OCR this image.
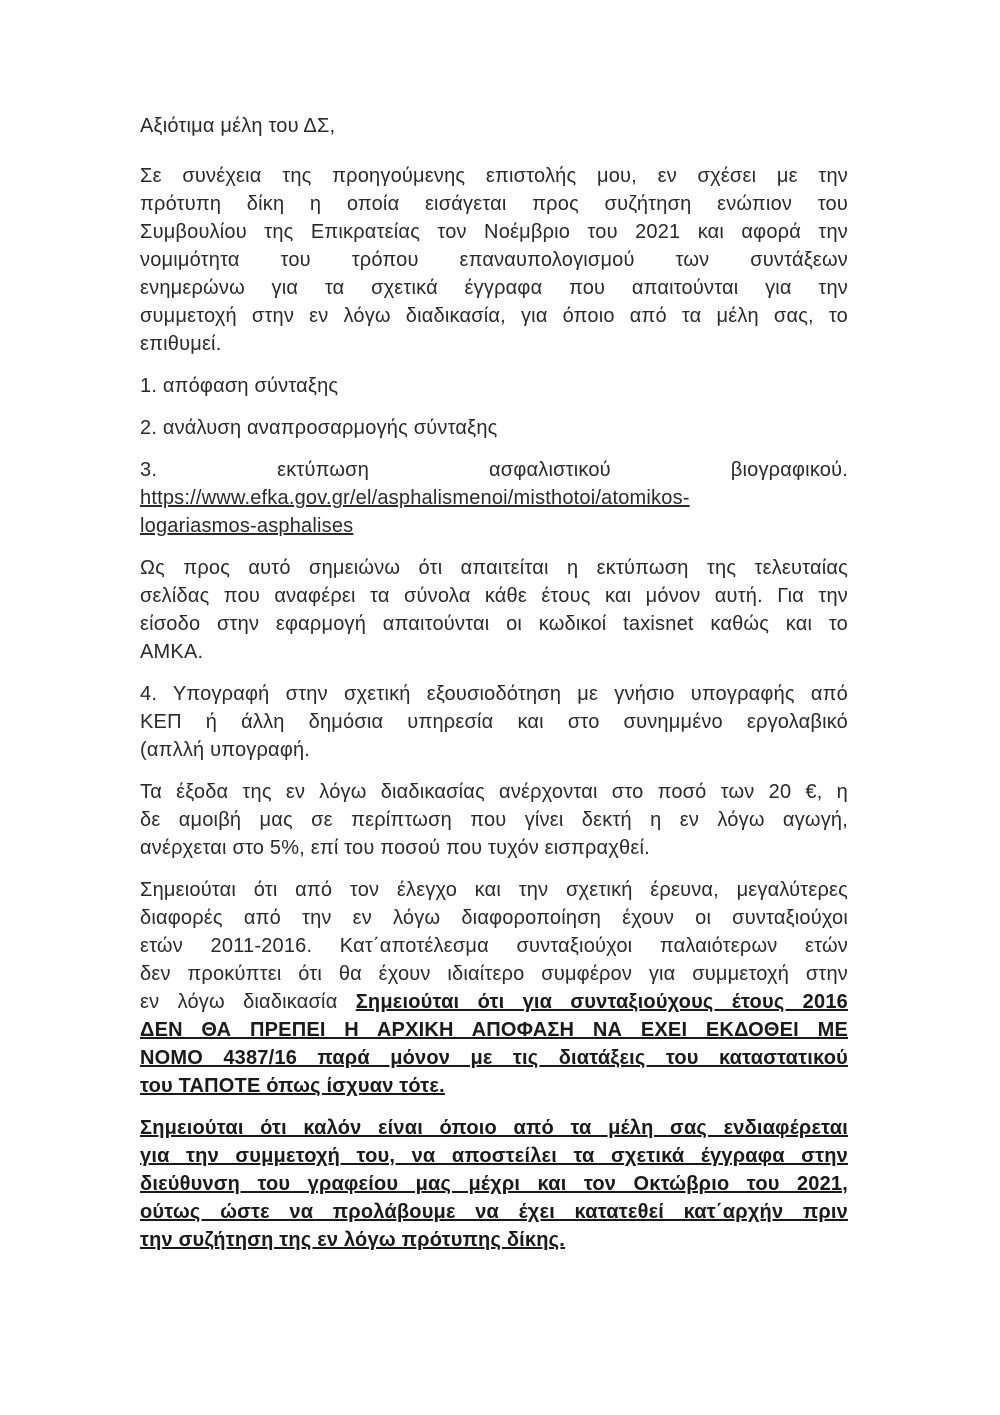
Αξιότιμα μέλη του ΔΣ,

Σε συνέχεια της προηγούμενης επιστολής μου, εν σχέσει με την
πρότυπη δίκη η οποία εισάγεται προς συζήτηση ενώπιον του
Συμβουλίου της Επικρατείας τον Νοέμβριο του 2021 και αφορά την
νομιμότητα του τρόπου επαναυπολογισμού των συντάξεων
ενημερώνω για τα σχετικά έγγραφα που απαιτούνται για την
συμμετοχή στην εν λόγω διαδικασία, για όποιο από τα μέλη σας, το
επιθυμεί.

1. απόφαση σύνταξης

2. ανάλυση αναπροσαρμογής σύνταξης

3. εκτύπωση ασφαλιστικού βιογραφικού.
https://www.efka.gov.gr/el/asphalismenoi/misthotoi/atomikos-
logariasmos-asphalises

Ως προς αυτό σημειώνω ότι απαιτείται η εκτύπωση της τελευταίας
σελίδας που αναφέρει τα σύνολα κάθε έτους και μόνον αυτή. Για την
είσοδο στην εφαρμογή απαιτούνται οι κωδικοί taxisnet καθώς και το
ΑΜΚΑ.

4. Υπογραφή στην σχετική εξουσιοδότηση με γνήσιο υπογραφής από
ΚΕΠ ή άλλη δημόσια υπηρεσία και στο συνημμένο εργολαβικό
(απλλή υπογραφή.

Τα έξοδα της εν λόγω διαδικασίας ανέρχονται στο ποσό των 20 €, η
δε αμοιβή μας σε περίπτωση που γίνει δεκτή η εν λόγω αγωγή,
ανέρχεται στο 5%, επί του ποσού που τυχόν εισπραχθεί.

Σημειούται ότι από τον έλεγχο και την σχετική έρευνα, μεγαλύτερες
διαφορές από την εν λόγω διαφοροποίηση έχουν οι συνταξιούχοι
ετών 2011-2016. Κατ΄αποτέλεσμα συνταξιούχοι παλαιότερων ετών
δεν προκύπτει ότι θα έχουν ιδιαίτερο συμφέρον για συμμετοχή στην
εν λόγω διαδικασία Σημειούται ότι για συνταξιούχους έτους 2016
ΔΕΝ ΘΑ ΠΡΕΠΕΙ Η ΑΡΧΙΚΗ ΑΠΟΦΑΣΗ ΝΑ ΕΧΕΙ ΕΚΔΟΘΕΙ ΜΕ
ΝΟΜΟ 4387/16 παρά μόνον με τις διατάξεις του καταστατικού
του ΤΑΠΟΤΕ όπως ίσχυαν τότε.

Σημειούται ότι καλόν είναι όποιο από τα μέλη σας ενδιαφέρεται
για την συμμετοχή του, να αποστείλει τα σχετικά έγγραφα στην
διεύθυνση του γραφείου μας μέχρι και τον Οκτώβριο του 2021,
ούτως ώστε να προλάβουμε να έχει κατατεθεί κατ΄αρχήν πριν
την συζήτηση της εν λόγω πρότυπης δίκης.
